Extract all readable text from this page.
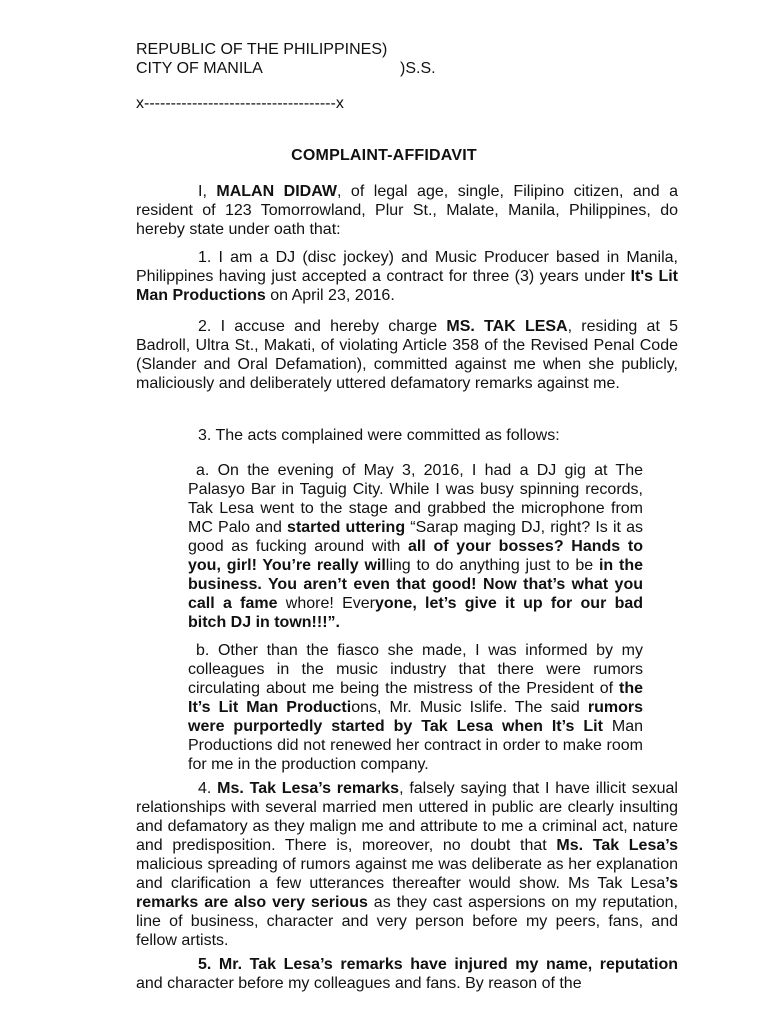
REPUBLIC OF THE PHILIPPINES)
CITY OF MANILA	)S.S.
x------------------------------------x
COMPLAINT-AFFIDAVIT
I, MALAN DIDAW, of legal age, single, Filipino citizen, and a resident of 123 Tomorrowland, Plur St., Malate, Manila, Philippines, do hereby state under oath that:
1. I am a DJ (disc jockey) and Music Producer based in Manila, Philippines having just accepted a contract for three (3) years under It's Lit Man Productions on April 23, 2016.
2. I accuse and hereby charge MS. TAK LESA, residing at 5 Badroll, Ultra St., Makati, of violating Article 358 of the Revised Penal Code (Slander and Oral Defamation), committed against me when she publicly, maliciously and deliberately uttered defamatory remarks against me.
3. The acts complained were committed as follows:
a. On the evening of May 3, 2016, I had a DJ gig at The Palasyo Bar in Taguig City. While I was busy spinning records, Tak Lesa went to the stage and grabbed the microphone from MC Palo and started uttering “Sarap maging DJ, right? Is it as good as fucking around with all of your bosses? Hands to you, girl! You’re really willing to do anything just to be in the business. You aren’t even that good! Now that’s what you call a fame whore! Everyone, let’s give it up for our bad bitch DJ in town!!!”.
b. Other than the fiasco she made, I was informed by my colleagues in the music industry that there were rumors circulating about me being the mistress of the President of the It’s Lit Man Productions, Mr. Music Islife. The said rumors were purportedly started by Tak Lesa when It’s Lit Man Productions did not renewed her contract in order to make room for me in the production company.
4. Ms. Tak Lesa’s remarks, falsely saying that I have illicit sexual relationships with several married men uttered in public are clearly insulting and defamatory as they malign me and attribute to me a criminal act, nature and predisposition. There is, moreover, no doubt that Ms. Tak Lesa’s malicious spreading of rumors against me was deliberate as her explanation and clarification a few utterances thereafter would show. Ms Tak Lesa’s remarks are also very serious as they cast aspersions on my reputation, line of business, character and very person before my peers, fans, and fellow artists.
5. Mr. Tak Lesa’s remarks have injured my name, reputation and character before my colleagues and fans. By reason of the
